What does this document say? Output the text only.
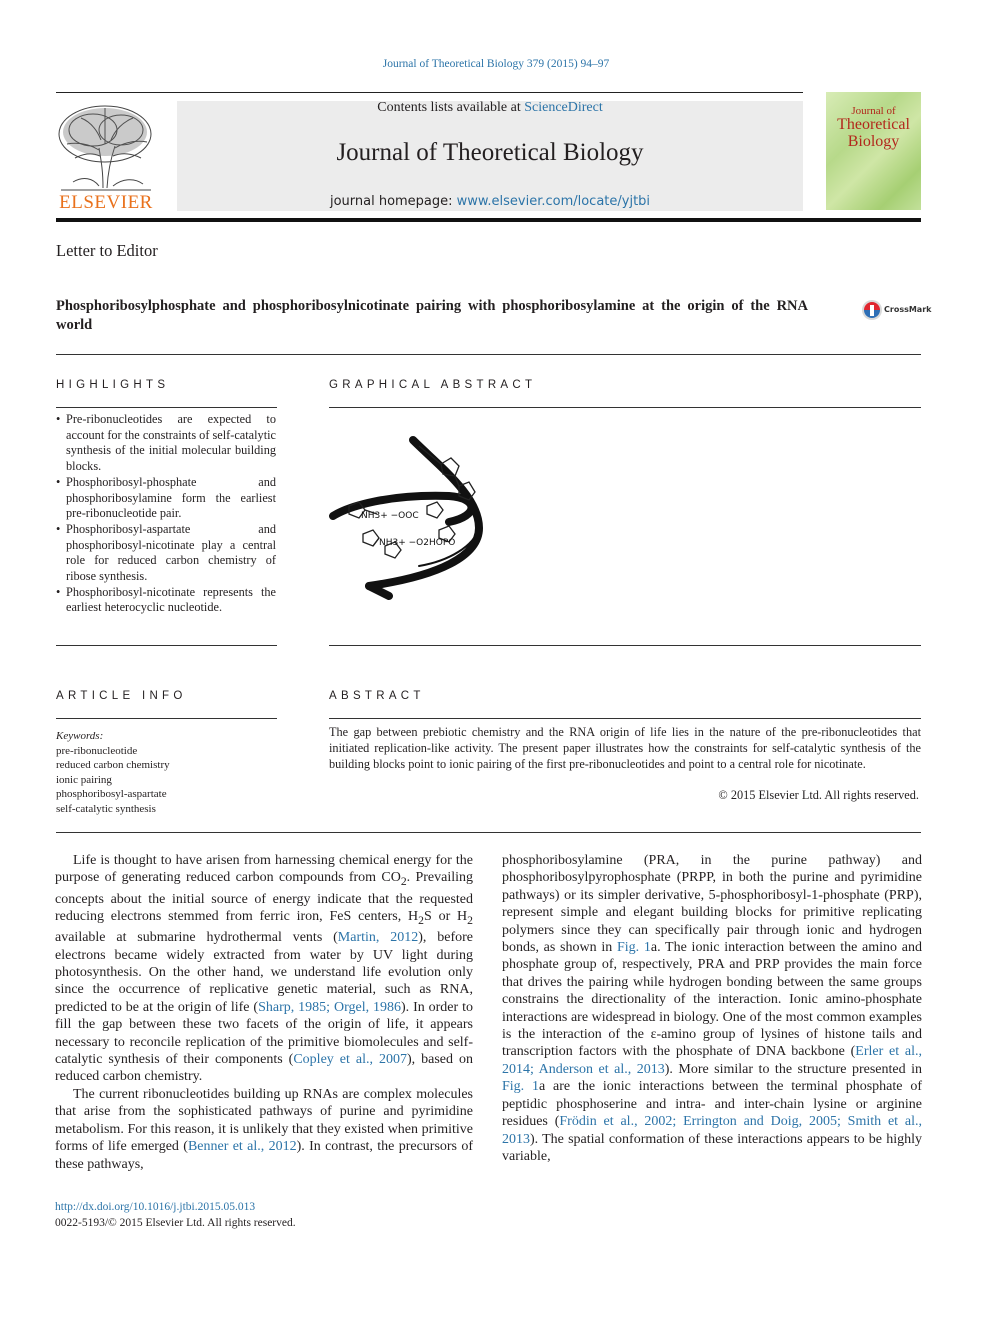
Journal of Theoretical Biology 379 (2015) 94–97
ELSEVIER
Contents lists available at ScienceDirect
Journal of Theoretical Biology
journal homepage: www.elsevier.com/locate/yjtbi
Journal of
Theoretical
Biology
Letter to Editor
Phosphoribosylphosphate and phosphoribosylnicotinate pairing with phosphoribosylamine at the origin of the RNA world
CrossMark
HIGHLIGHTS	GRAPHICAL ABSTRACT
• Pre-ribonucleotides are expected to account for the constraints of self-catalytic synthesis of the initial molecular building blocks.
• Phosphoribosyl-phosphate and phosphoribosylamine form the earliest pre-ribonucleotide pair.
• Phosphoribosyl-aspartate and phosphoribosyl-nicotinate play a central role for reduced carbon chemistry of ribose synthesis.
• Phosphoribosyl-nicotinate represents the earliest heterocyclic nucleotide.
NH3+ −OOC
NH3+ −O2HOPO
ARTICLE INFO	ABSTRACT
Keywords:
pre-ribonucleotide
reduced carbon chemistry
ionic pairing
phosphoribosyl-aspartate
self-catalytic synthesis
The gap between prebiotic chemistry and the RNA origin of life lies in the nature of the pre-ribonucleotides that initiated replication-like activity. The present paper illustrates how the constraints for self-catalytic synthesis of the building blocks point to ionic pairing of the first pre-ribonucleotides and point to a central role for nicotinate.
© 2015 Elsevier Ltd. All rights reserved.

Life is thought to have arisen from harnessing chemical energy for the purpose of generating reduced carbon compounds from $CO_2$. Prevailing concepts about the initial source of energy indicate that the requested reducing electrons stemmed from ferric iron, FeS centers, $H_2S$ or $H_2$ available at submarine hydrothermal vents (Martin, 2012), before electrons became widely extracted from water by UV light during photosynthesis. On the other hand, we understand life evolution only since the occurrence of replicative genetic material, such as RNA, predicted to be at the origin of life (Sharp, 1985; Orgel, 1986). In order to fill the gap between these two facets of the origin of life, it appears necessary to reconcile replication of the primitive biomolecules and self-catalytic synthesis of their components (Copley et al., 2007), based on reduced carbon chemistry.

The current ribonucleotides building up RNAs are complex molecules that arise from the sophisticated pathways of purine and pyrimidine metabolism. For this reason, it is unlikely that they existed when primitive forms of life emerged (Benner et al., 2012). In contrast, the precursors of these pathways,

phosphoribosylamine (PRA, in the purine pathway) and phosphoribosylpyrophosphate (PRPP, in both the purine and pyrimidine pathways) or its simpler derivative, 5-phosphoribosyl-1-phosphate (PRP), represent simple and elegant building blocks for primitive replicating polymers since they can specifically pair through ionic and hydrogen bonds, as shown in Fig. 1a. The ionic interaction between the amino and phosphate group of, respectively, PRA and PRP provides the main force that drives the pairing while hydrogen bonding between the same groups constrains the directionality of the interaction. Ionic amino-phosphate interactions are widespread in biology. One of the most common examples is the interaction of the ε-amino group of lysines of histone tails and transcription factors with the phosphate of DNA backbone (Erler et al., 2014; Anderson et al., 2013). More similar to the structure presented in Fig. 1a are the ionic interactions between the terminal phosphate of peptidic phosphoserine and intra- and inter-chain lysine or arginine residues (Frödin et al., 2002; Errington and Doig, 2005; Smith et al., 2013). The spatial conformation of these interactions appears to be highly variable,

http://dx.doi.org/10.1016/j.jtbi.2015.05.013
0022-5193/© 2015 Elsevier Ltd. All rights reserved.
